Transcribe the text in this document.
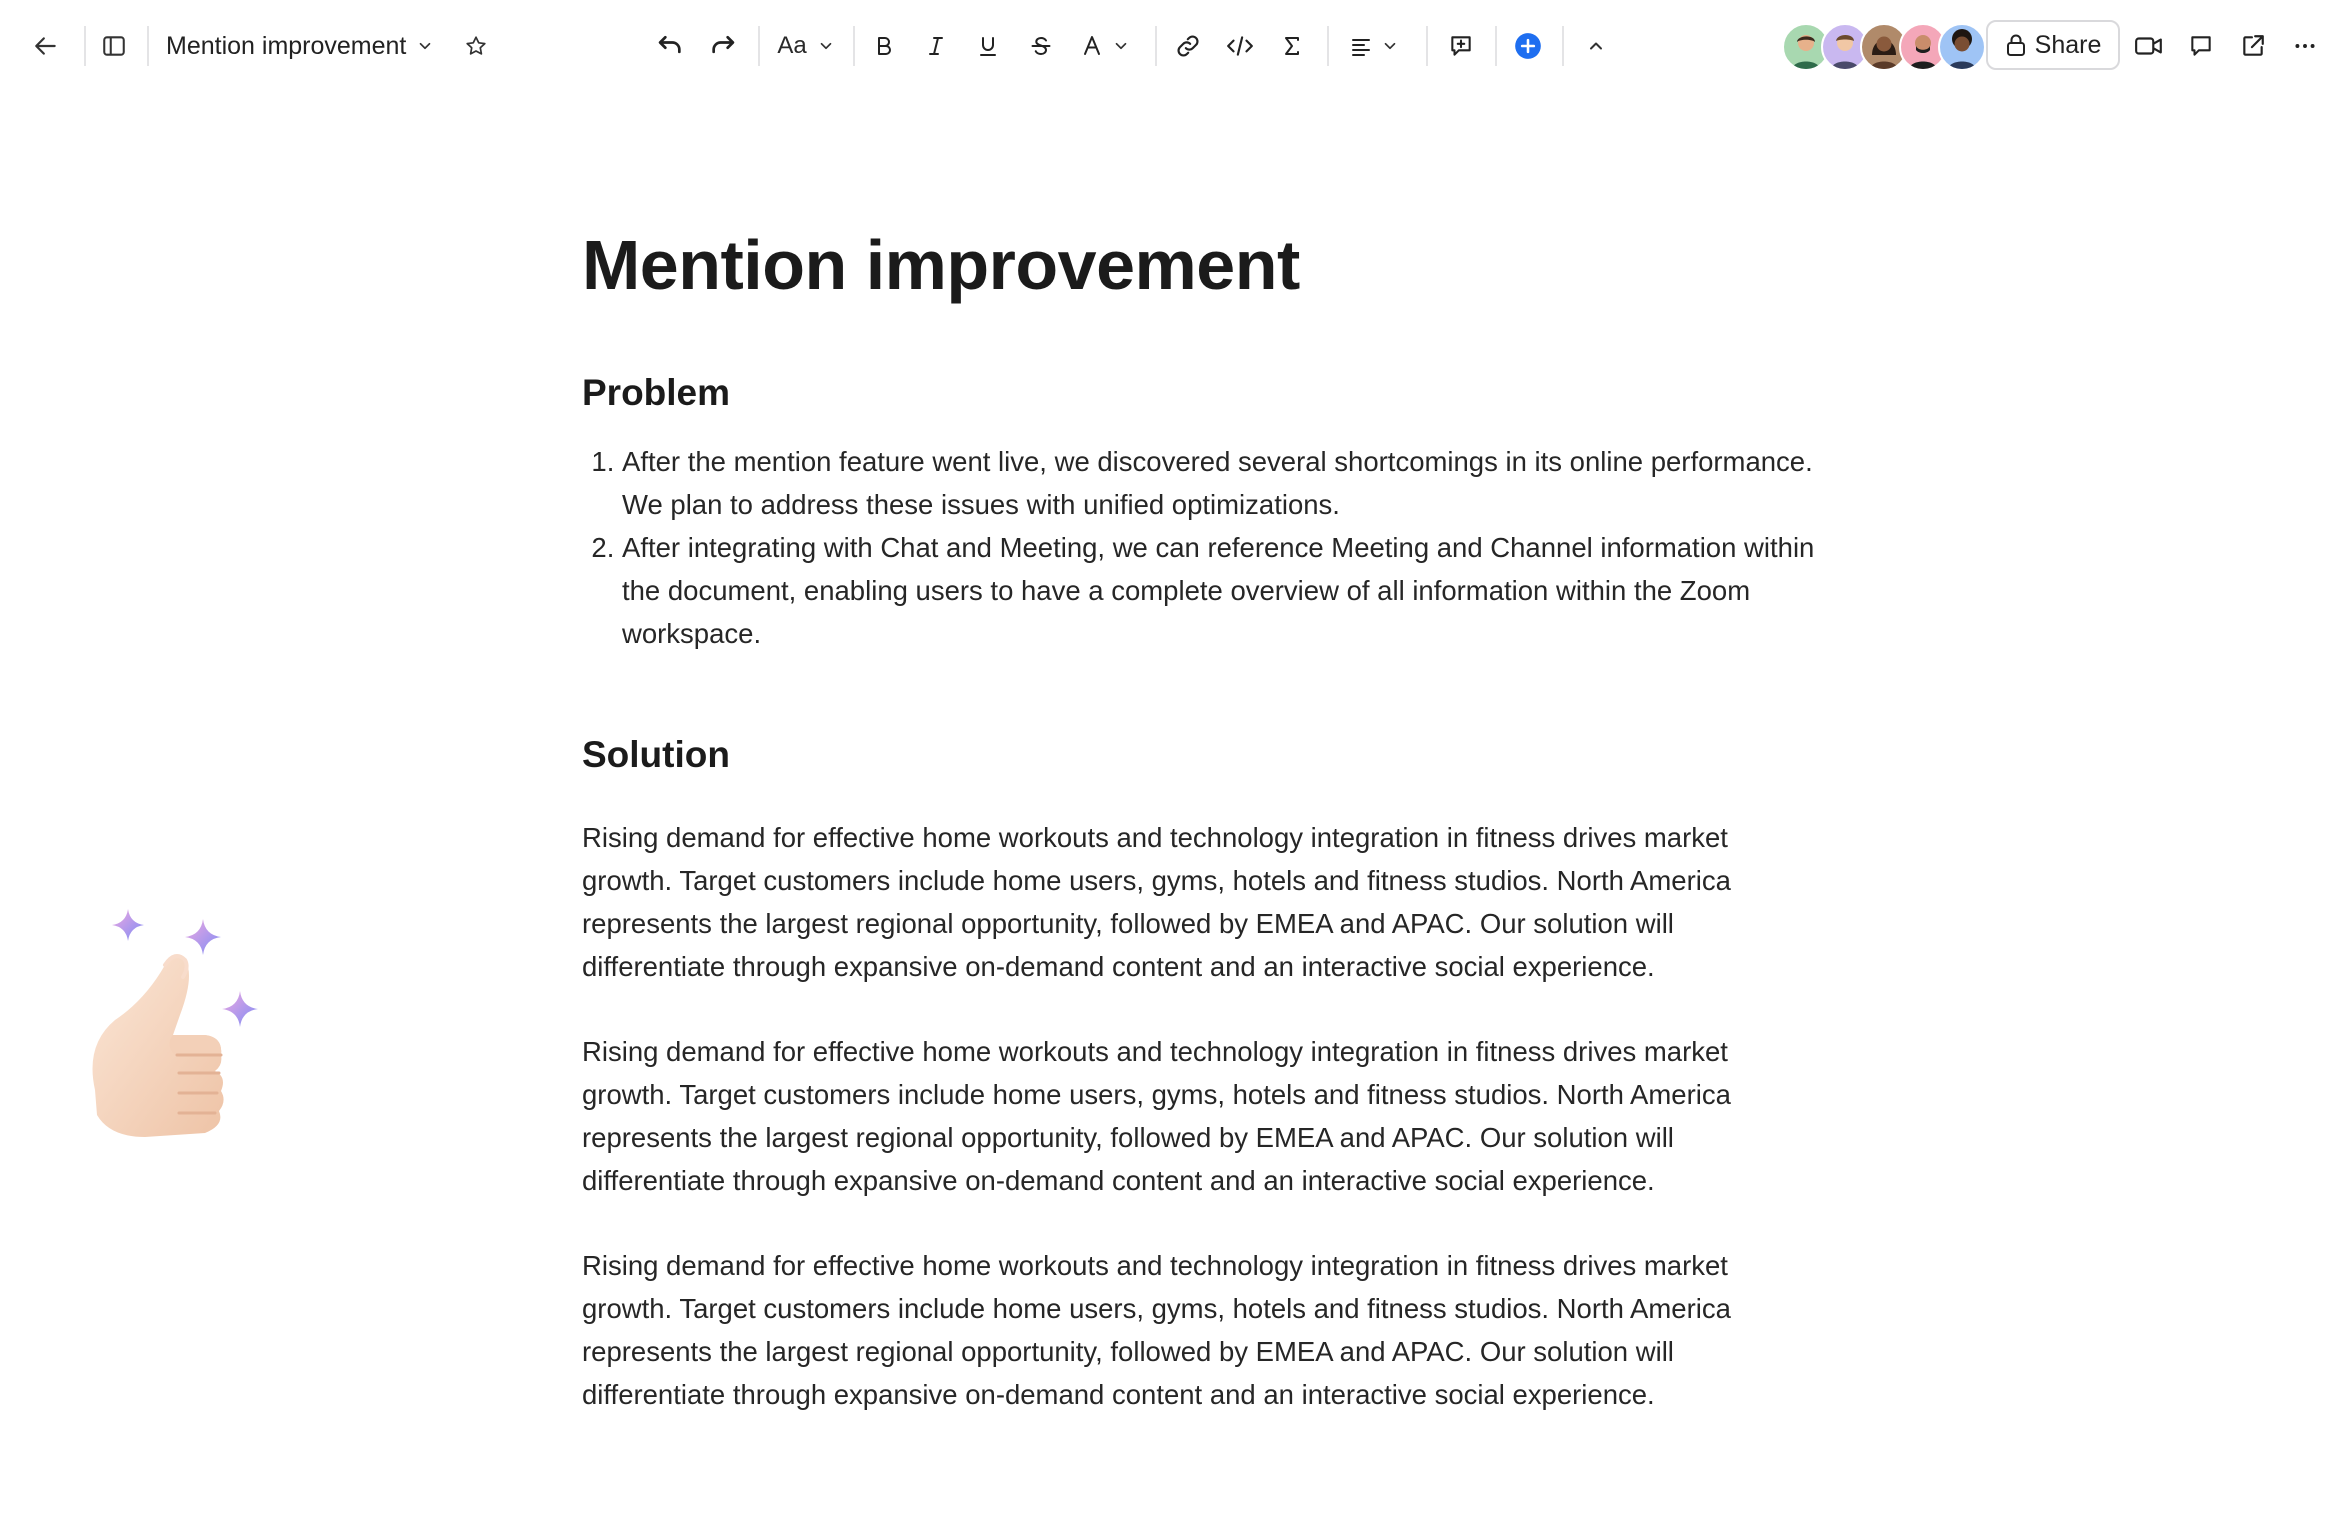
Mention improvement	Aa	Share
Mention improvement
Problem
1. After the mention feature went live, we discovered several shortcomings in its online performance. We plan to address these issues with unified optimizations.
2. After integrating with Chat and Meeting, we can reference Meeting and Channel information within the document, enabling users to have a complete overview of all information within the Zoom workspace.
Solution

Rising demand for effective home workouts and technology integration in fitness drives market growth. Target customers include home users, gyms, hotels and fitness studios. North America represents the largest regional opportunity, followed by EMEA and APAC. Our solution will differentiate through expansive on-demand content and an interactive social experience.

Rising demand for effective home workouts and technology integration in fitness drives market growth. Target customers include home users, gyms, hotels and fitness studios. North America represents the largest regional opportunity, followed by EMEA and APAC. Our solution will differentiate through expansive on-demand content and an interactive social experience.

Rising demand for effective home workouts and technology integration in fitness drives market growth. Target customers include home users, gyms, hotels and fitness studios. North America represents the largest regional opportunity, followed by EMEA and APAC. Our solution will differentiate through expansive on-demand content and an interactive social experience.
